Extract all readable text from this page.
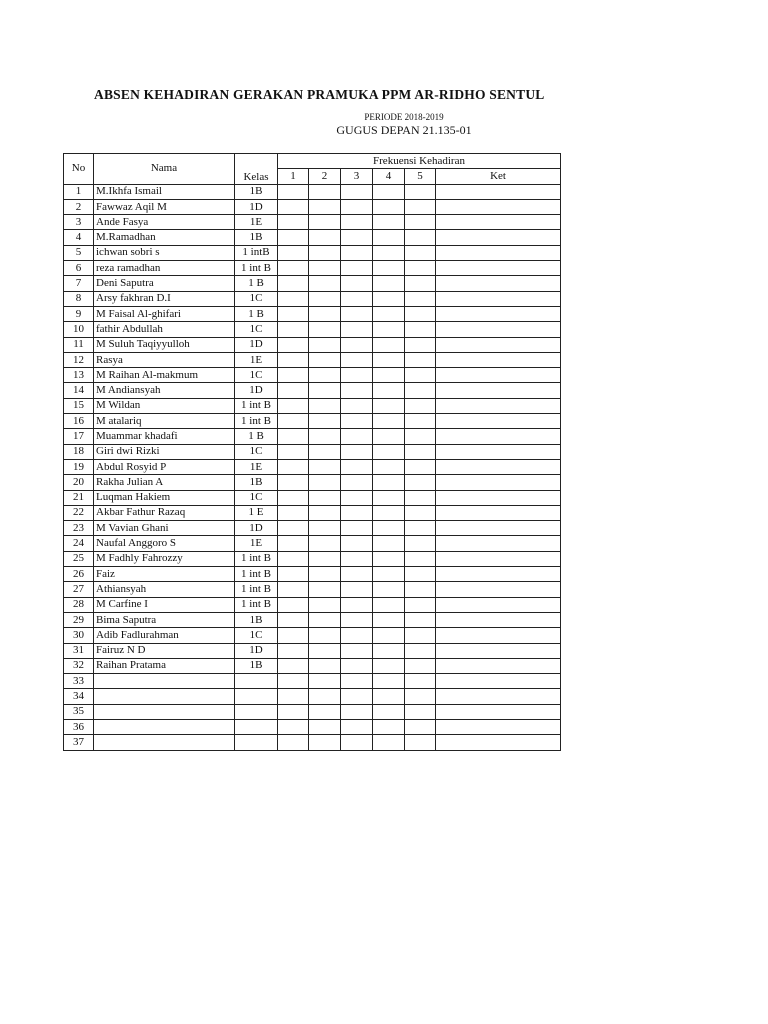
ABSEN KEHADIRAN GERAKAN PRAMUKA PPM AR-RIDHO SENTUL
PERIODE 2018-2019
GUGUS DEPAN 21.135-01
No	Nama	Kelas	Frekuensi Kehadiran					
			1	2	3	4	5	Ket
1	M.Ikhfa Ismail	1B						
2	Fawwaz Aqil M	1D						
3	Ande Fasya	1E						
4	M.Ramadhan	1B						
5	ichwan sobri s	1 intB						
6	reza ramadhan	1 int B						
7	Deni Saputra	1 B						
8	Arsy fakhran D.I	1C						
9	M Faisal Al-ghifari	1 B						
10	fathir Abdullah	1C						
11	M Suluh Taqiyyulloh	1D						
12	Rasya	1E						
13	M Raihan Al-makmum	1C						
14	M Andiansyah	1D						
15	M Wildan	1 int B						
16	M atalariq	1 int B						
17	Muammar khadafi	1 B						
18	Giri dwi Rizki	1C						
19	Abdul Rosyid P	1E						
20	Rakha Julian A	1B						
21	Luqman Hakiem	1C						
22	Akbar Fathur Razaq	1 E						
23	M Vavian Ghani	1D						
24	Naufal Anggoro S	1E						
25	M Fadhly Fahrozzy	1 int B						
26	Faiz	1 int B						
27	Athiansyah	1 int B						
28	M Carfine I	1 int B						
29	Bima Saputra	1B						
30	Adib Fadlurahman	1C						
31	Fairuz N D	1D						
32	Raihan Pratama	1B						
33								
34								
35								
36								
37								
